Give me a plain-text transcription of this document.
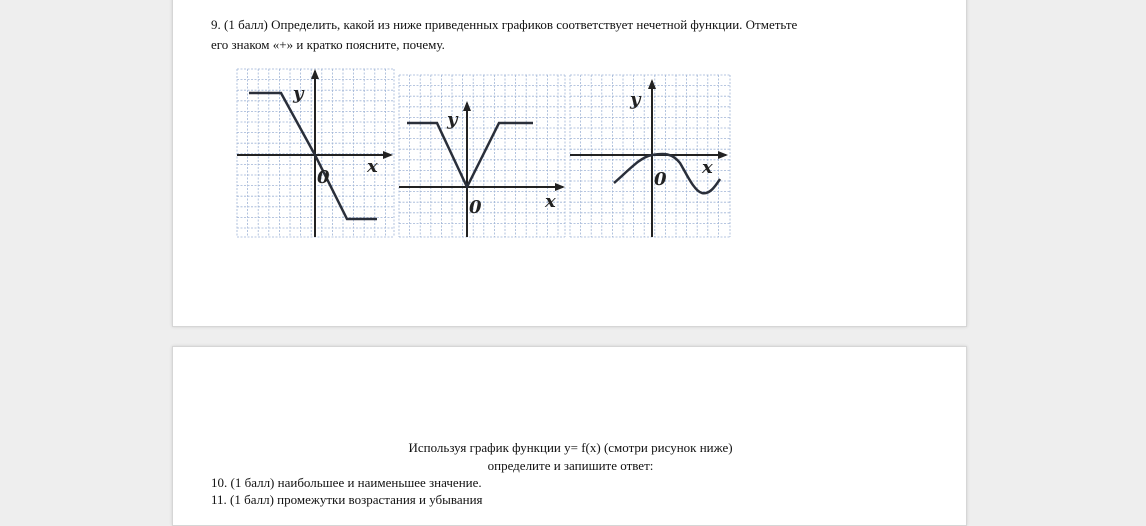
9. (1 балл) Определить, какой из ниже приведенных графиков соответствует нечетной функции. Отметьте

его знаком «+» и кратко поясните, почему.

y
x
0
y
x
0
y
x
0
Используя график функции y= f(x) (смотри рисунок ниже)
определите и запишите ответ:
10. (1 балл) наибольшее и наименьшее значение.
11. (1 балл) промежутки возрастания и убывания
